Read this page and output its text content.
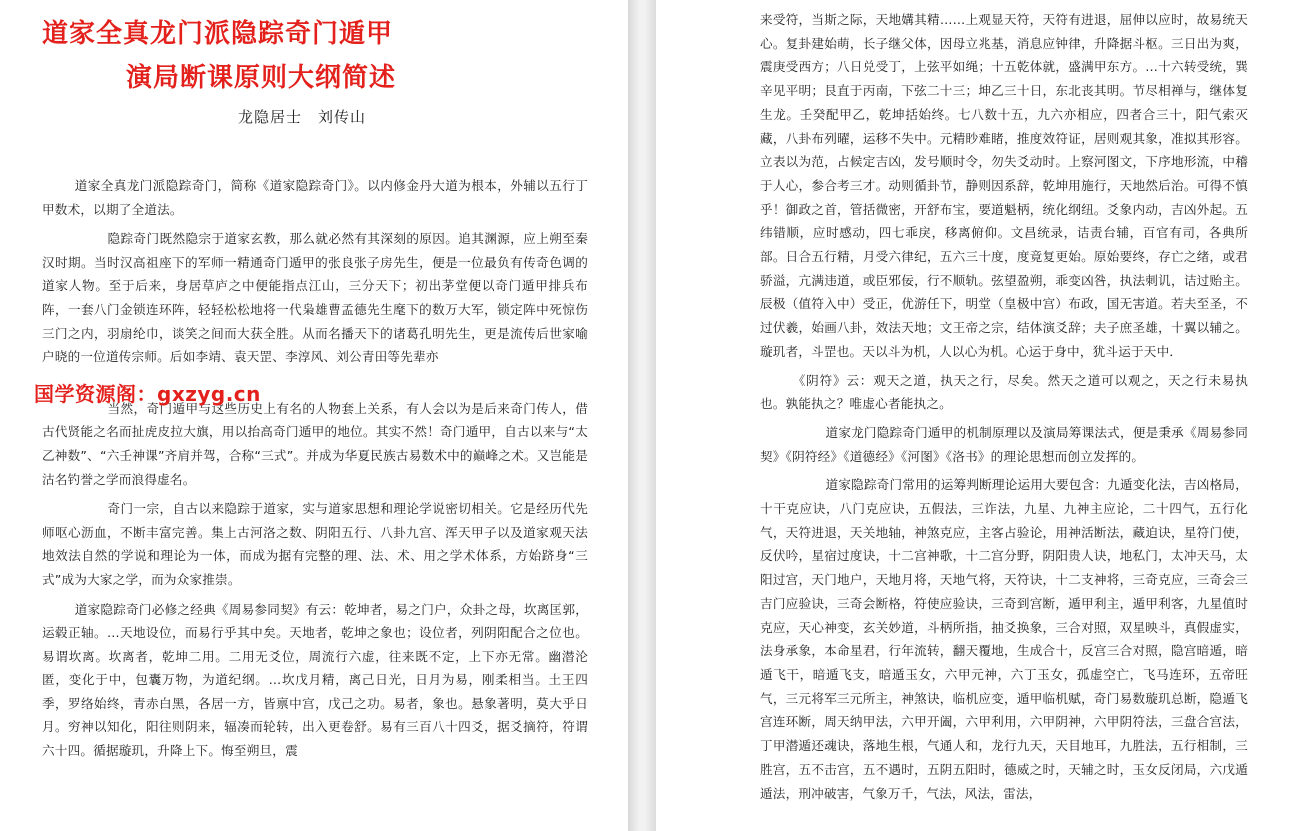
道家全真龙门派隐踪奇门遁甲
演局断课原则大纲简述
龙隐居士　刘传山

道家全真龙门派隐踪奇门，简称《道家隐踪奇门》。以内修金丹大道为根本，外辅以五行丁甲数术，以期了全道法。

隐踪奇门既然隐宗于道家玄教，那么就必然有其深刻的原因。追其渊源，应上朔至秦汉时期。当时汉高祖座下的军师一精通奇门遁甲的张良张子房先生，便是一位最负有传奇色调的道家人物。至于后来，身居草庐之中便能指点江山，三分天下；初出茅堂便以奇门遁甲排兵布阵，一套八门金锁连环阵，轻轻松松地将一代枭雄曹孟德先生麾下的数万大军，锁定阵中死惊伤三门之内，羽扇纶巾，谈笑之间而大获全胜。从而名播天下的诸葛孔明先生，更是流传后世家喻户晓的一位道传宗师。后如李靖、袁天罡、李淳风、刘公青田等先辈亦

当然，奇门遁甲与这些历史上有名的人物套上关系，有人会以为是后来奇门传人，借古代贤能之名而扯虎皮拉大旗，用以抬高奇门遁甲的地位。其实不然！奇门遁甲，自古以来与“太乙神数”、“六壬神课”齐肩并驾，合称“三式”。并成为华夏民族古易数术中的巅峰之术。又岂能是沽名钓誉之学而浪得虚名。

奇门一宗，自古以来隐踪于道家，实与道家思想和理论学说密切相关。它是经历代先师呕心沥血，不断丰富完善。集上古河洛之数、阴阳五行、八卦九宫、浑天甲子以及道家观天法地效法自然的学说和理论为一体，而成为据有完整的理、法、术、用之学术体系，方始跻身“三式”成为大家之学，而为众家推崇。

道家隐踪奇门必修之经典《周易参同契》有云：乾坤者，易之门户，众卦之母，坎离匡郭，运毂正轴。…天地设位，而易行乎其中矣。天地者，乾坤之象也；设位者，列阴阳配合之位也。易谓坎离。坎离者，乾坤二用。二用无爻位，周流行六虚，往来既不定，上下亦无常。幽潜沦匿，变化于中，包囊万物，为道纪纲。…坎戊月精，离己日光，日月为易，刚柔相当。土王四季，罗络始终，青赤白黑，各居一方，皆禀中宫，戊己之功。易者，象也。悬象著明，莫大乎日月。穷神以知化，阳往则阴来，辐凑而轮转，出入更卷舒。易有三百八十四爻，据爻摘符，符谓六十四。循据璇玑，升降上下。悔至朔旦，震

国学资源阁：gxzyg.cn

来受符，当斯之际，天地媾其精……上观显天符，天符有进退，屈伸以应时，故易统天心。复卦建始萌，长子继父体，因母立兆基，消息应钟律，升降据斗枢。三日出为爽，震庚受西方；八日兑受丁，上弦平如绳；十五乾体就，盛满甲东方。…十六转受统，巽辛见平明；艮直于丙南，下弦二十三；坤乙三十日，东北丧其明。节尽相禅与，继体复生龙。壬癸配甲乙，乾坤括始终。七八数十五，九六亦相应，四者合三十，阳气索灭藏，八卦布列曜，运移不失中。元精眇难睹，推度效符证，居则观其象，准拟其形容。立表以为范，占候定吉凶，发号顺时令，勿失爻动时。上察河图文，下序地形流，中稽于人心，参合考三才。动则循卦节，静则因系辞，乾坤用施行，天地然后治。可得不慎乎！御政之首，管括微密，开舒布宝，要道魁柄，统化纲纽。爻象内动，吉凶外起。五纬错顺，应时感动，四七乖戾，移离俯仰。文昌统录，诘责台辅，百官有司，各典所部。日合五行精，月受六律纪，五六三十度，度竟复更始。原始要终，存亡之绪，或君骄溢，亢满违道，或臣邪佞，行不顺轨。弦望盈朔，乖变凶咎，执法刺讥，诘过贻主。辰极（值符入中）受正，优游任下，明堂（皇极中宫）布政，国无害道。若夫至圣，不过伏羲，始画八卦，效法天地；文王帝之宗，结体演爻辞；夫子庶圣雄，十翼以辅之。璇玑者，斗罡也。天以斗为机，人以心为机。心运于身中，犹斗运于天中．

《阴符》云：观天之道，执天之行，尽矣。然天之道可以观之，天之行未易执也。孰能执之？唯虚心者能执之。

道家龙门隐踪奇门遁甲的机制原理以及演局筹课法式，便是秉承《周易参同契》《阴符经》《道德经》《河图》《洛书》的理论思想而创立发挥的。

道家隐踪奇门常用的运筹判断理论运用大要包含：九遁变化法，吉凶格局，十干克应诀，八门克应诀，五假法，三诈法，九星、九神主应论，二十四气，五行化气，天符进退，天关地轴，神煞克应，主客占验论，用神活断法，藏迫诀，星符门使，反伏吟，星宿过度诀，十二宫神歌，十二宫分野，阴阳贵人诀，地私门，太冲天马，太阳过宫，天门地户，天地月将，天地气将，天符诀，十二支神将，三奇克应，三奇会三吉门应验诀，三奇会断格，符使应验诀，三奇到宫断，遁甲利主，遁甲利客，九星值时克应，天心神变，玄关妙道，斗柄所指，抽爻换象，三合对照，双星映斗，真假虚实，法身承象，本命星君，行年流转，翻天覆地，生成合十，反宫三合对照，隐宫暗遁，暗遁飞干，暗遁飞支，暗遁玉女，六甲元神，六丁玉女，孤虚空亡，飞马连环，五帝旺气，三元将军三元所主，神煞诀，临机应变，遁甲临机赋，奇门易数璇玑总断，隐遁飞宫连环断，周天纳甲法，六甲开阖，六甲利用，六甲阴神，六甲阴符法，三盘合宫法，丁甲潜遁还魂诀，落地生根，气通人和，龙行九天，天目地耳，九胜法，五行相制，三胜宫，五不击宫，五不遇时，五阴五阳时，德威之时，天辅之时，玉女反闭局，六戊遁遁法，刑冲破害，气象万千，气法，风法，雷法，
